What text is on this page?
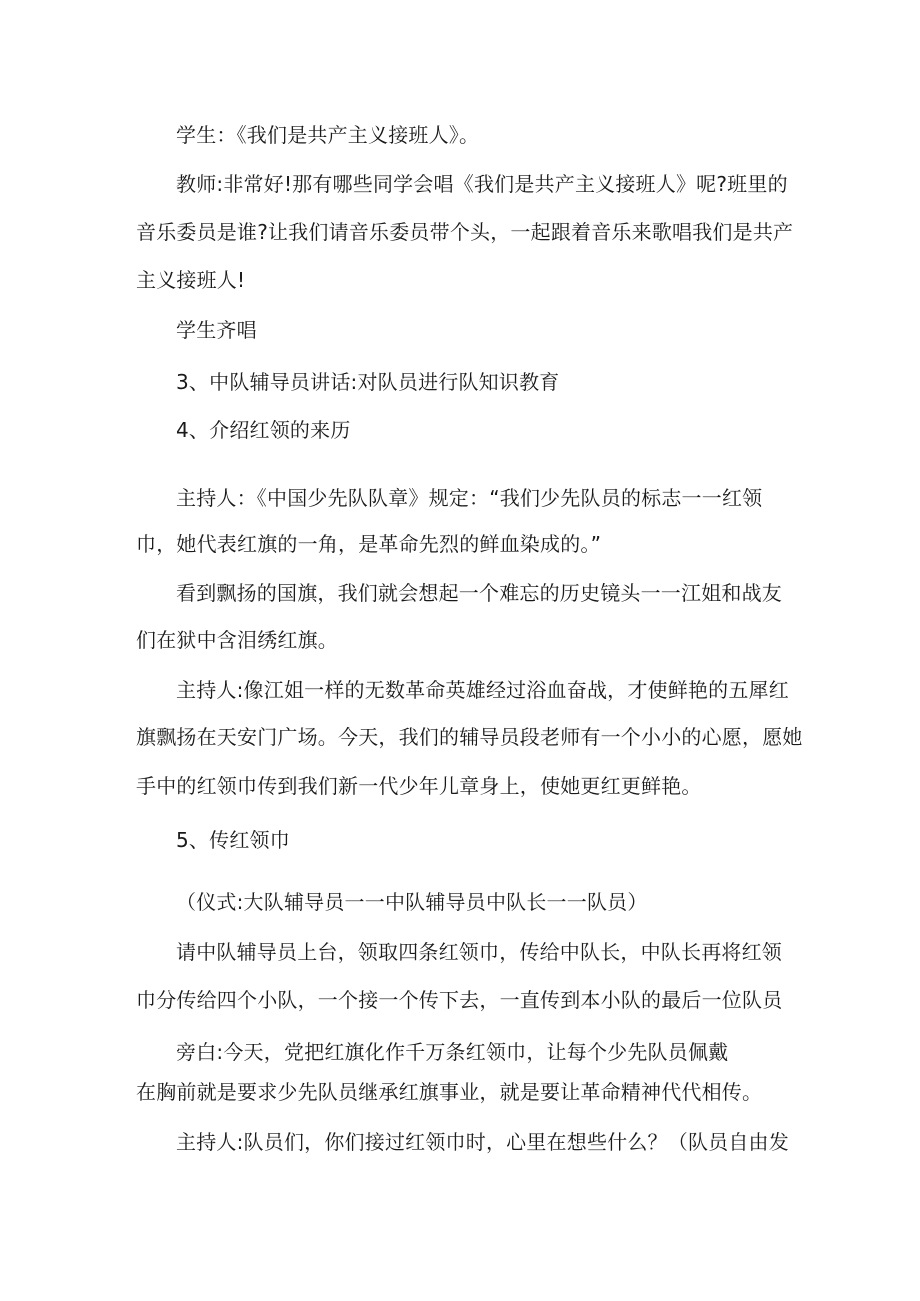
学生：《我们是共产主义接班人》。
教师:非常好!那有哪些同学会唱《我们是共产主义接班人》呢?班里的
音乐委员是谁?让我们请音乐委员带个头，一起跟着音乐来歌唱我们是共产
主义接班人!
学生齐唱
3、中队辅导员讲话:对队员进行队知识教育
4、介绍红领的来历
主持人：《中国少先队队章》规定：“我们少先队员的标志一一红领
巾，她代表红旗的一角，是革命先烈的鲜血染成的。”
看到飘扬的国旗，我们就会想起一个难忘的历史镜头一一江姐和战友
们在狱中含泪绣红旗。
主持人:像江姐一样的无数革命英雄经过浴血奋战，才使鲜艳的五犀红
旗飘扬在天安门广场。今天，我们的辅导员段老师有一个小小的心愿，愿她
手中的红领巾传到我们新一代少年儿章身上，使她更红更鲜艳。
5、传红领巾
（仪式:大队辅导员一一中队辅导员中队长一一队员）
请中队辅导员上台，领取四条红领巾，传给中队长，中队长再将红领
巾分传给四个小队，一个接一个传下去，一直传到本小队的最后一位队员
旁白:今天，党把红旗化作千万条红领巾，让每个少先队员佩戴
在胸前就是要求少先队员继承红旗事业，就是要让革命精神代代相传。
主持人:队员们，你们接过红领巾时，心里在想些什么？（队员自由发
